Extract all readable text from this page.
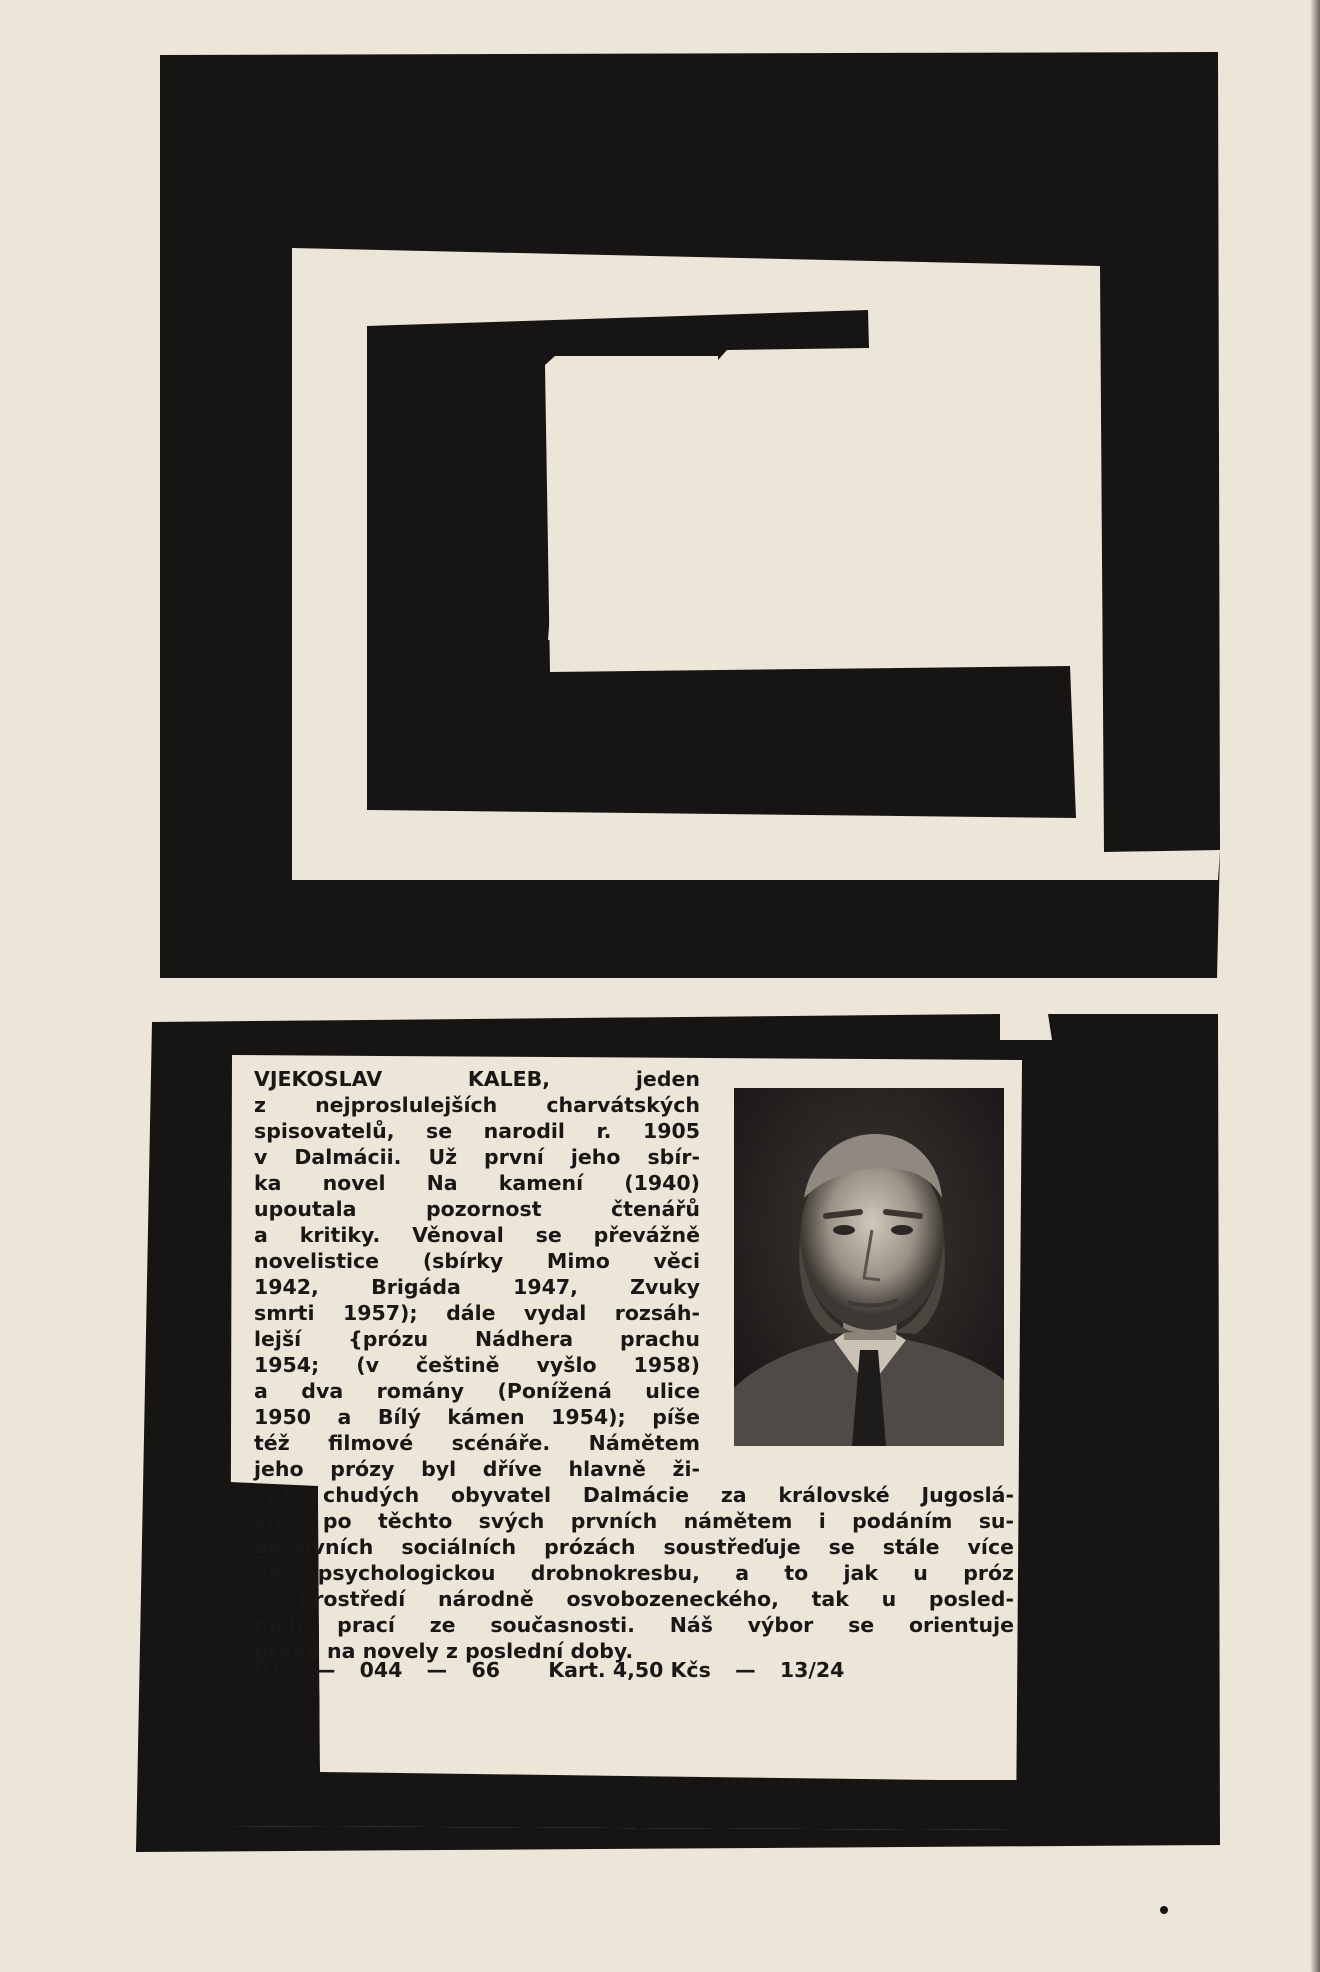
VJEKOSLAV KALEB, jeden
z nejproslulejších charvátských
spisovatelů, se narodil r. 1905
v Dalmácii. Už první jeho sbír-
ka novel Na kamení (1940)
upoutala pozornost čtenářů
a kritiky. Věnoval se převážně
novelistice (sbírky Mimo věci
1942, Brigáda 1947, Zvuky
smrti 1957); dále vydal rozsáh-
lejší {prózu Nádhera prachu
1954; (v češtině vyšlo 1958)
a dva romány (Ponížená ulice
1950 a Bílý kámen 1954); píše
též filmové scénáře. Námětem
jeho prózy byl dříve hlavně ži-
vot chudých obyvatel Dalmácie za královské Jugoslá-
vie; po těchto svých prvních námětem i podáním su-
gestivních sociálních prózách soustřeďuje se stále více
na psychologickou drobnokresbu, a to jak u próz
z prostředí národně osvobozeneckého, tak u posled-
ních prací ze současnosti. Náš výbor se orientuje
právě na novely z poslední doby.
01 — 044 — 66 Kart. 4,50 Kčs — 13/24
